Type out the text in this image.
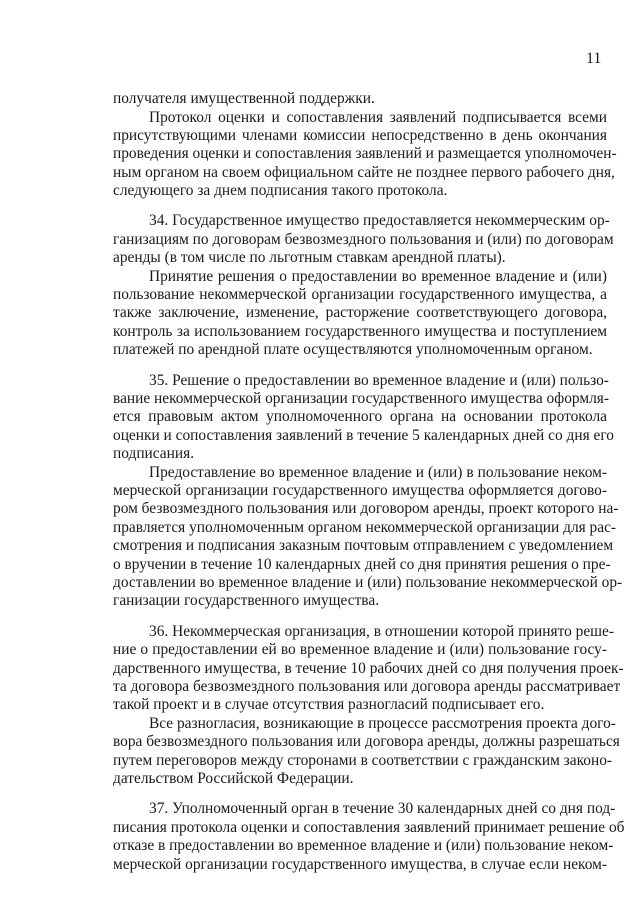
11
получателя имущественной поддержки.
Протокол оценки и сопоставления заявлений подписывается всеми
присутствующими членами комиссии непосредственно в день окончания
проведения оценки и сопоставления заявлений и размещается уполномочен-
ным органом на своем официальном сайте не позднее первого рабочего дня,
следующего за днем подписания такого протокола.
34. Государственное имущество предоставляется некоммерческим ор-
ганизациям по договорам безвозмездного пользования и (или) по договорам
аренды (в том числе по льготным ставкам арендной платы).
Принятие решения о предоставлении во временное владение и (или)
пользование некоммерческой организации государственного имущества, а
также заключение, изменение, расторжение соответствующего договора,
контроль за использованием государственного имущества и поступлением
платежей по арендной плате осуществляются уполномоченным органом.
35. Решение о предоставлении во временное владение и (или) пользо-
вание некоммерческой организации государственного имущества оформля-
ется правовым актом уполномоченного органа на основании протокола
оценки и сопоставления заявлений в течение 5 календарных дней со дня его
подписания.
Предоставление во временное владение и (или) в пользование неком-
мерческой организации государственного имущества оформляется догово-
ром безвозмездного пользования или договором аренды, проект которого на-
правляется уполномоченным органом некоммерческой организации для рас-
смотрения и подписания заказным почтовым отправлением с уведомлением
о вручении в течение 10 календарных дней со дня принятия решения о пре-
доставлении во временное владение и (или) пользование некоммерческой ор-
ганизации государственного имущества.
36. Некоммерческая организация, в отношении которой принято реше-
ние о предоставлении ей во временное владение и (или) пользование госу-
дарственного имущества, в течение 10 рабочих дней со дня получения проек-
та договора безвозмездного пользования или договора аренды рассматривает
такой проект и в случае отсутствия разногласий подписывает его.
Все разногласия, возникающие в процессе рассмотрения проекта дого-
вора безвозмездного пользования или договора аренды, должны разрешаться
путем переговоров между сторонами в соответствии с гражданским законо-
дательством Российской Федерации.
37. Уполномоченный орган в течение 30 календарных дней со дня под-
писания протокола оценки и сопоставления заявлений принимает решение об
отказе в предоставлении во временное владение и (или) пользование неком-
мерческой организации государственного имущества, в случае если неком-
